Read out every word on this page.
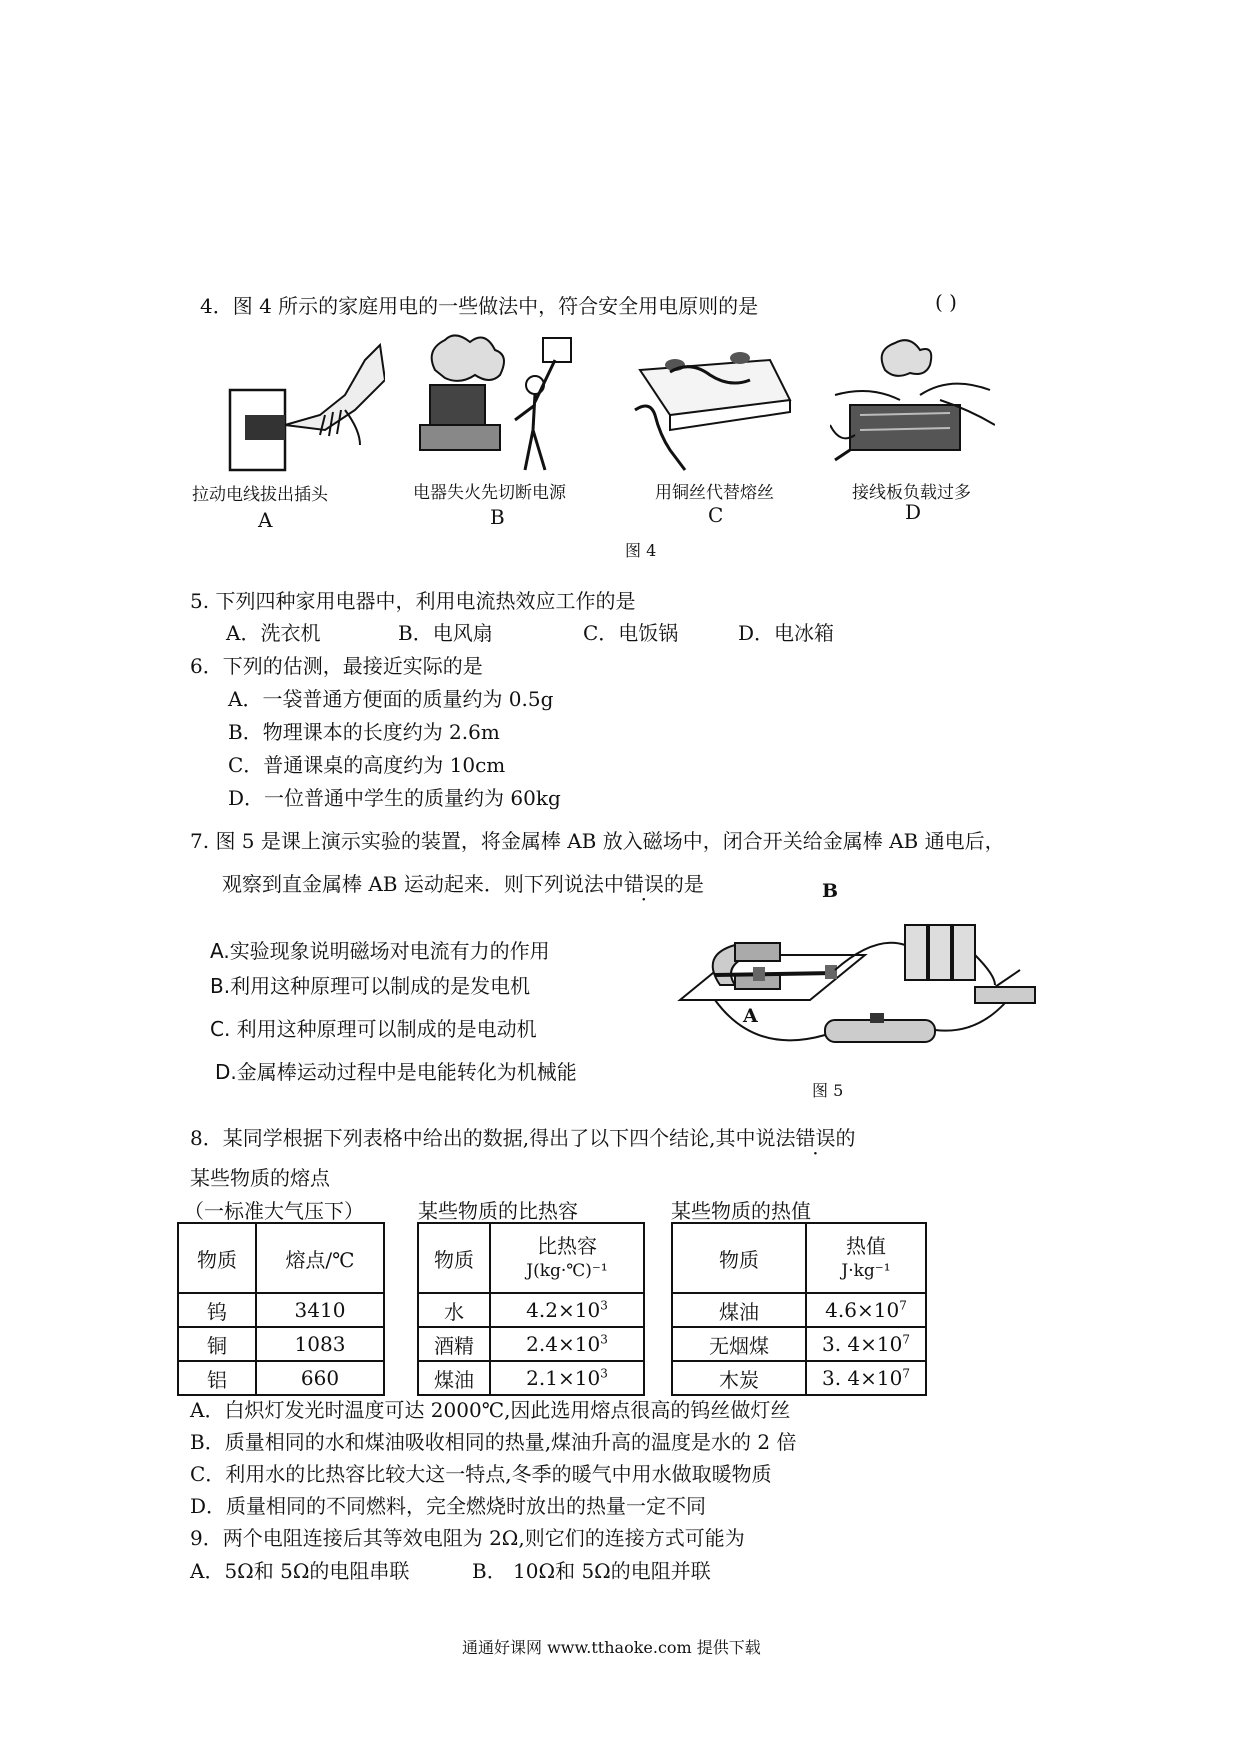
4．图 4 所示的家庭用电的一些做法中，符合安全用电原则的是	( )
拉动电线拔出插头
A
电器失火先切断电源
B
用铜丝代替熔丝
C
接线板负载过多
D
图 4
5. 下列四种家用电器中，利用电流热效应工作的是
A．洗衣机	B．电风扇	C．电饭锅	D．电冰箱
6．下列的估测，最接近实际的是
A．一袋普通方便面的质量约为 0.5g
B．物理课本的长度约为 2.6m
C．普通课桌的高度约为 10cm
D．一位普通中学生的质量约为 60kg
7. 图 5 是课上演示实验的装置，将金属棒 AB 放入磁场中，闭合开关给金属棒 AB 通电后，
观察到直金属棒 AB 运动起来．则下列说法中错误的是
A.实验现象说明磁场对电流有力的作用
B.利用这种原理可以制成的是发电机
C. 利用这种原理可以制成的是电动机
D.金属棒运动过程中是电能转化为机械能
B
A
图 5
8．某同学根据下列表格中给出的数据,得出了以下四个结论,其中说法错误的
某些物质的熔点
（一标准大气压下）	某些物质的比热容	某些物质的热值
物质	熔点/℃
钨	3410
铜	1083
铝	660
物质	比热容
J(kg·℃)⁻¹

水	$4.2\times 10^3$
酒精	$2.4\times 10^3$
煤油	$2.1\times 10^3$
物质	热值
J·kg⁻¹

煤油	$4.6\times 10^7$
无烟煤	3. $4\times 10^7$
木炭	3. $4\times 10^7$
A．白炽灯发光时温度可达 2000℃,因此选用熔点很高的钨丝做灯丝
B．质量相同的水和煤油吸收相同的热量,煤油升高的温度是水的 2 倍
C．利用水的比热容比较大这一特点,冬季的暖气中用水做取暖物质
D．质量相同的不同燃料，完全燃烧时放出的热量一定不同
9．两个电阻连接后其等效电阻为 2Ω,则它们的连接方式可能为
A．5Ω和 5Ω的电阻串联	B． 10Ω和 5Ω的电阻并联
通通好课网 www.tthaoke.com 提供下载
